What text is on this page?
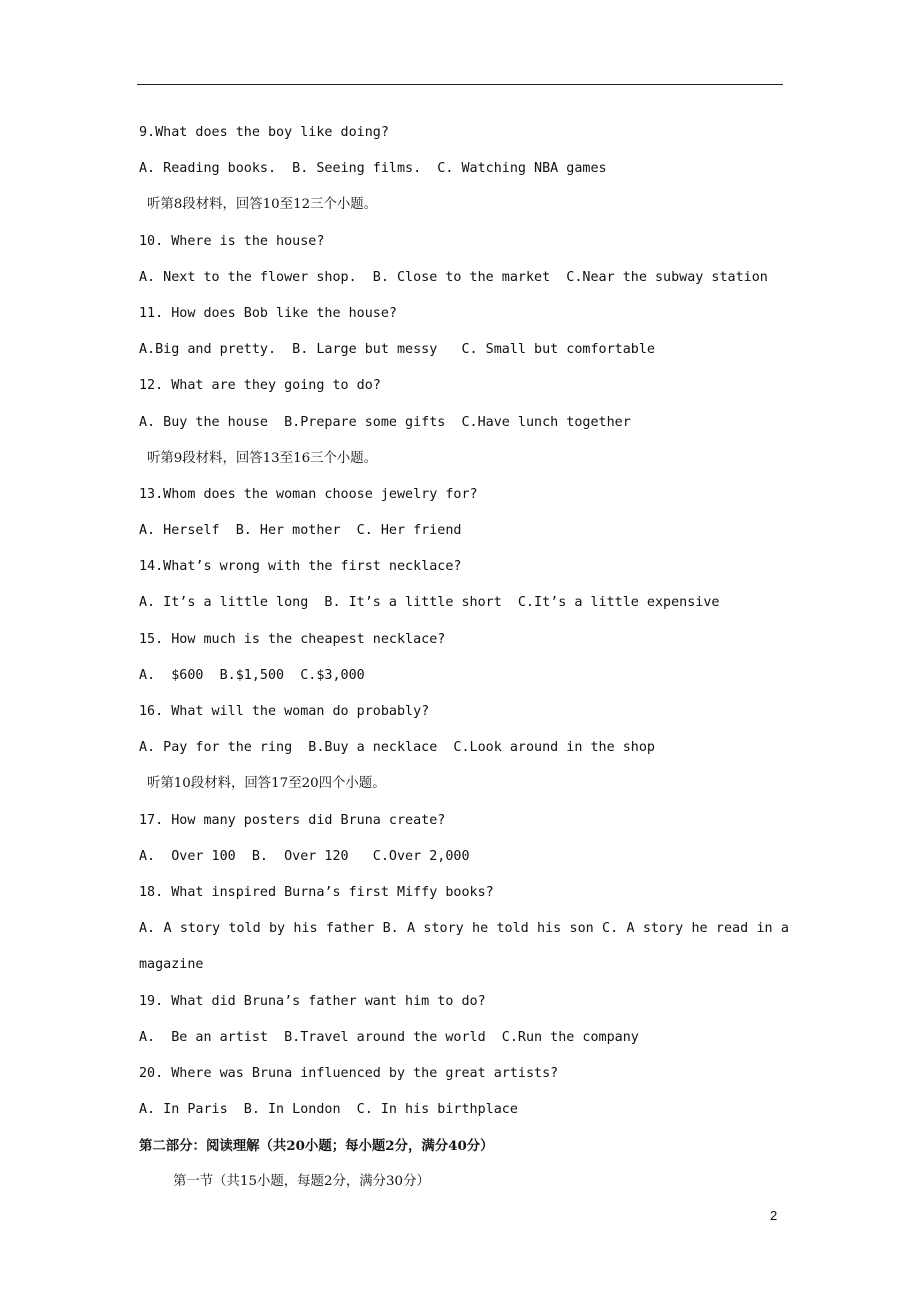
9.What does the boy like doing?
A. Reading books.  B. Seeing films.  C. Watching NBA games
听第8段材料，回答10至12三个小题。
10. Where is the house?
A. Next to the flower shop.  B. Close to the market  C.Near the subway station
11. How does Bob like the house?
A.Big and pretty.  B. Large but messy   C. Small but comfortable
12. What are they going to do?
A. Buy the house  B.Prepare some gifts  C.Have lunch together
听第9段材料，回答13至16三个小题。
13.Whom does the woman choose jewelry for?
A. Herself  B. Her mother  C. Her friend
14.What’s wrong with the first necklace?
A. It’s a little long  B. It’s a little short  C.It’s a little expensive
15. How much is the cheapest necklace?
A.  $600  B.$1,500  C.$3,000
16. What will the woman do probably?
A. Pay for the ring  B.Buy a necklace  C.Look around in the shop
听第10段材料，回答17至20四个小题。
17. How many posters did Bruna create?
A.  Over 100  B.  Over 120   C.Over 2,000
18. What inspired Burna’s first Miffy books?
A. A story told by his father B. A story he told his son C. A story he read in a magazine
19. What did Bruna’s father want him to do?
A.  Be an artist  B.Travel around the world  C.Run the company
20. Where was Bruna influenced by the great artists?
A. In Paris  B. In London  C. In his birthplace
第二部分：阅读理解（共20小题；每小题2分，满分40分）
第一节（共15小题，每题2分，满分30分）
2
